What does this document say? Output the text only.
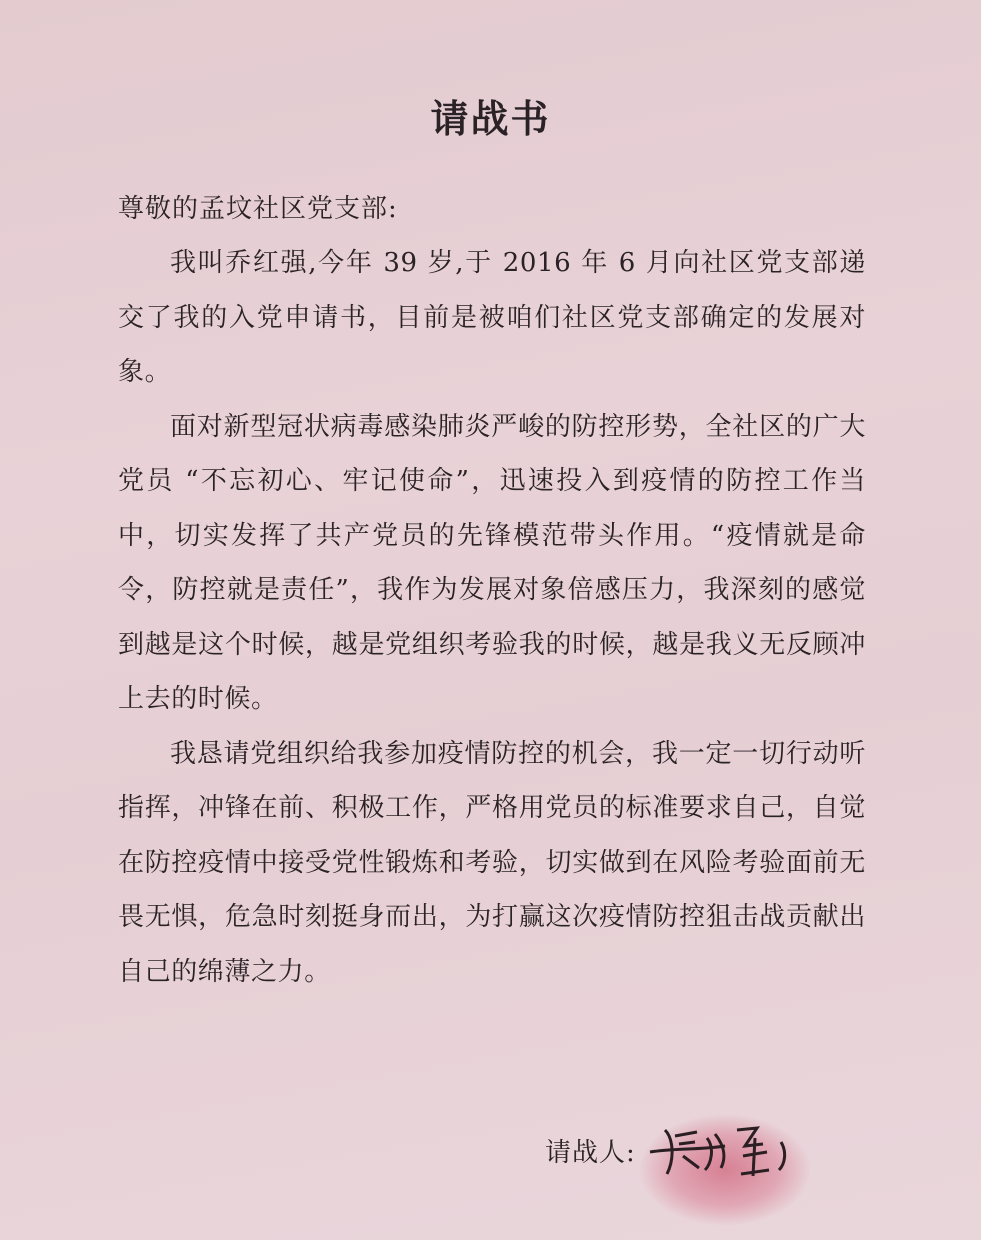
请战书
尊敬的孟坟社区党支部:

我叫乔红强,今年 39 岁,于 2016 年 6 月向社区党支部递交了我的入党申请书，目前是被咱们社区党支部确定的发展对象。

面对新型冠状病毒感染肺炎严峻的防控形势，全社区的广大党员 “不忘初心、牢记使命”，迅速投入到疫情的防控工作当中，切实发挥了共产党员的先锋模范带头作用。“疫情就是命令，防控就是责任”，我作为发展对象倍感压力，我深刻的感觉到越是这个时候，越是党组织考验我的时候，越是我义无反顾冲上去的时候。

我恳请党组织给我参加疫情防控的机会，我一定一切行动听指挥，冲锋在前、积极工作，严格用党员的标准要求自己，自觉在防控疫情中接受党性锻炼和考验，切实做到在风险考验面前无畏无惧，危急时刻挺身而出，为打赢这次疫情防控狙击战贡献出自己的绵薄之力。

请战人:
